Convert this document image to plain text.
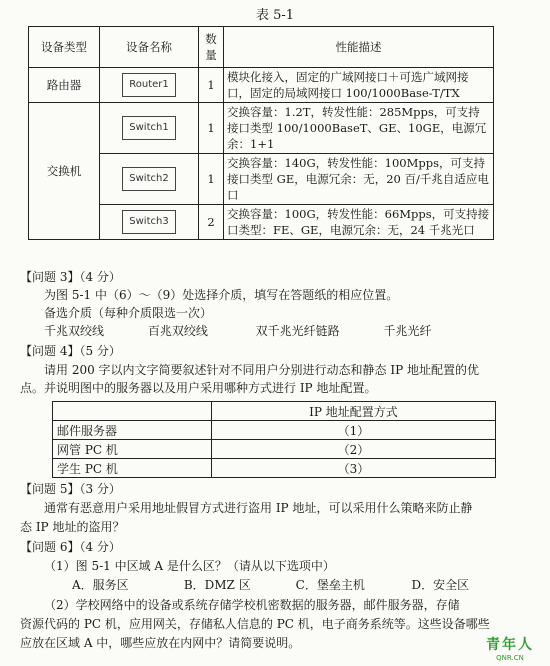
表 5-1
设备类型	设备名称	数量	性能描述
路由器	Router1	1	模块化接入，固定的广域网接口＋可选广域网接口，固定的局域网接口 100/1000Base-T/TX
交换机	Switch1	1	交换容量：1.2T，转发性能：285Mpps，可支持接口类型 100/1000BaseT、GE、10GE，电源冗余：1+1
	Switch2	1	交换容量：140G，转发性能：100Mpps，可支持接口类型 GE，电源冗余：无，20 百/千兆自适应电口
	Switch3	2	交换容量：100G，转发性能：66Mpps，可支持接口类型：FE、GE，电源冗余：无，24 千兆光口
【问题 3】（4 分）
为图 5-1 中（6）～（9）处选择介质，填写在答题纸的相应位置。
备选介质（每种介质限选一次）
千兆双绞线	百兆双绞线	双千兆光纤链路	千兆光纤
【问题 4】（5 分）
请用 200 字以内文字简要叙述针对不同用户分别进行动态和静态 IP 地址配置的优
点。并说明图中的服务器以及用户采用哪种方式进行 IP 地址配置。
	IP 地址配置方式
邮件服务器	（1）
网管 PC 机	（2）
学生 PC 机	（3）
【问题 5】（3 分）
通常有恶意用户采用地址假冒方式进行盗用 IP 地址，可以采用什么策略来防止静
态 IP 地址的盗用？
【问题 6】（4 分）
（1）图 5-1 中区域 A 是什么区？（请从以下选项中）
A．服务区	B．DMZ 区	C．堡垒主机	D．安全区
（2）学校网络中的设备或系统存储学校机密数据的服务器，邮件服务器，存储
资源代码的 PC 机，应用网关，存储私人信息的 PC 机，电子商务系统等。这些设备哪些
应放在区域 A 中，哪些应放在内网中？请简要说明。	青年人
QNR.CN
